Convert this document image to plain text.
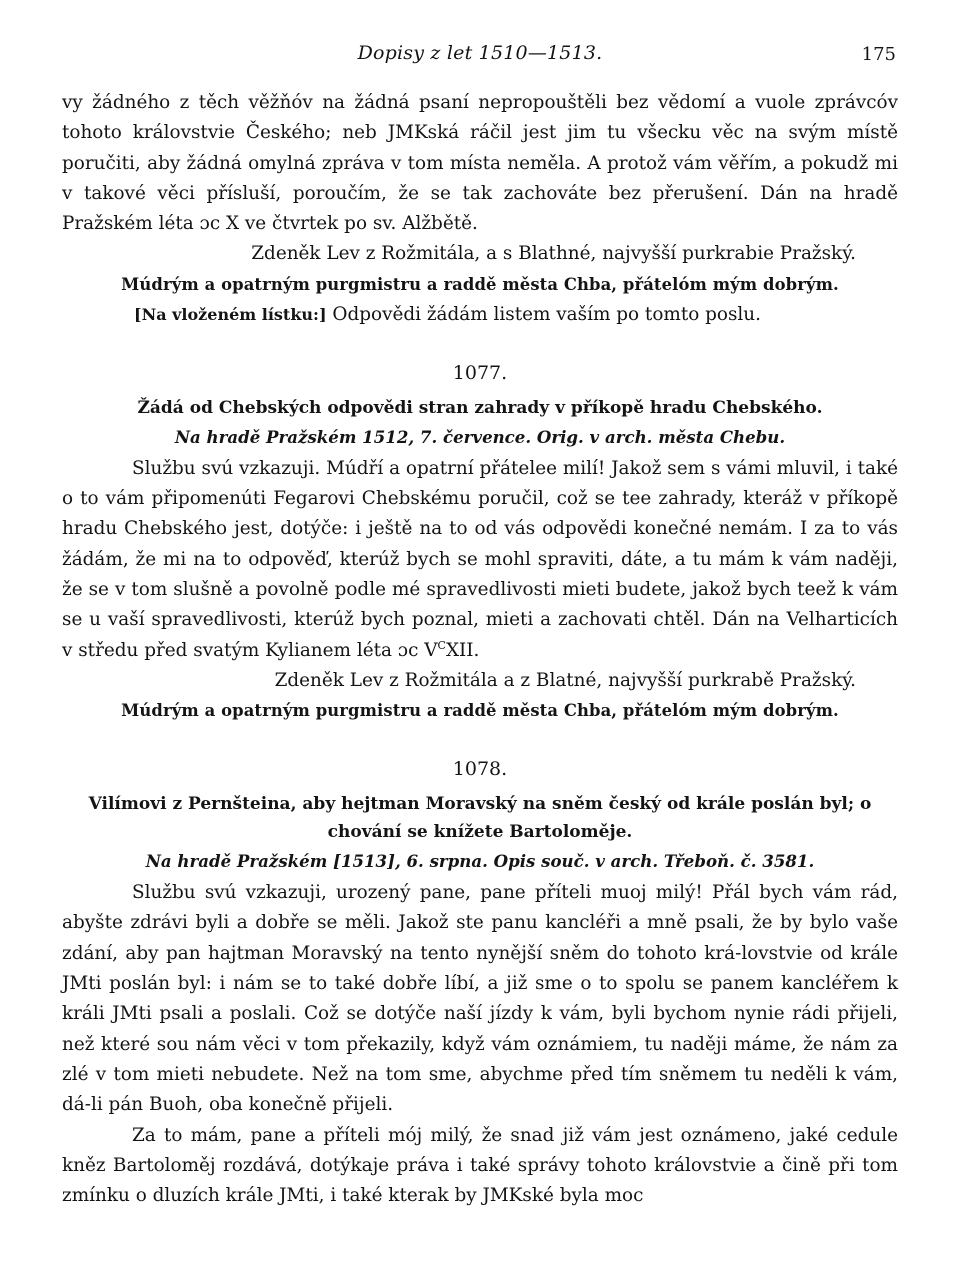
Dopisy z let 1510—1513.	175

vy žádného z těch věžňóv na žádná psaní nepropouštěli bez vědomí a vuole zprávcóv tohoto královstvie Českého; neb JMKská ráčil jest jim tu všecku věc na svým místě poručiti, aby žádná omylná zpráva v tom místa neměla. A protož vám věřím, a pokudž mi v takové věci přísluší, poroučím, že se tak zachováte bez přerušení. Dán na hradě Pražském léta ɔc X ve čtvrtek po sv. Alžbětě.

Zdeněk Lev z Rožmitála, a s Blathné, najvyšší purkrabie Pražský.

Múdrým a opatrným purgmistru a raddě města Chba, přátelóm mým dobrým.

[Na vloženém lístku:] Odpovědi žádám listem vaším po tomto poslu.

1077.

Žádá od Chebských odpovědi stran zahrady v příkopě hradu Chebského.

Na hradě Pražském 1512, 7. července. Orig. v arch. města Chebu.

Službu svú vzkazuji. Múdří a opatrní přátelee milí! Jakož sem s vámi mluvil, i také o to vám připomenúti Fegarovi Chebskému poručil, což se tee zahrady, kteráž v příkopě hradu Chebského jest, dotýče: i ještě na to od vás odpovědi konečné nemám. I za to vás žádám, že mi na to odpověď, kterúž bych se mohl spraviti, dáte, a tu mám k vám naději, že se v tom slušně a povolně podle mé spravedlivosti mieti budete, jakož bych teež k vám se u vaší spravedlivosti, kterúž bych poznal, mieti a zachovati chtěl. Dán na Velharticích v středu před svatým Kylianem léta ɔc $V^CXII$.

Zdeněk Lev z Rožmitála a z Blatné, najvyšší purkrabě Pražský.

Múdrým a opatrným purgmistru a raddě města Chba, přátelóm mým dobrým.

1078.

Vilímovi z Pernšteina, aby hejtman Moravský na sněm český od krále poslán byl; o chování se knížete Bartoloměje.

Na hradě Pražském [1513], 6. srpna. Opis souč. v arch. Třeboň. č. 3581.

Službu svú vzkazuji, urozený pane, pane příteli muoj milý! Přál bych vám rád, abyšte zdrávi byli a dobře se měli. Jakož ste panu kancléři a mně psali, že by bylo vaše zdání, aby pan hajtman Moravský na tento nynější sněm do tohoto krá-lovstvie od krále JMti poslán byl: i nám se to také dobře líbí, a již sme o to spolu se panem kancléřem k králi JMti psali a poslali. Což se dotýče naší jízdy k vám, byli bychom nynie rádi přijeli, než které sou nám věci v tom překazily, když vám oznámiem, tu naději máme, že nám za zlé v tom mieti nebudete. Než na tom sme, abychme před tím sněmem tu neděli k vám, dá-li pán Buoh, oba konečně přijeli.

Za to mám, pane a příteli mój milý, že snad již vám jest oznámeno, jaké cedule kněz Bartoloměj rozdává, dotýkaje práva i také správy tohoto královstvie a čině při tom zmínku o dluzích krále JMti, i také kterak by JMKské byla moc
